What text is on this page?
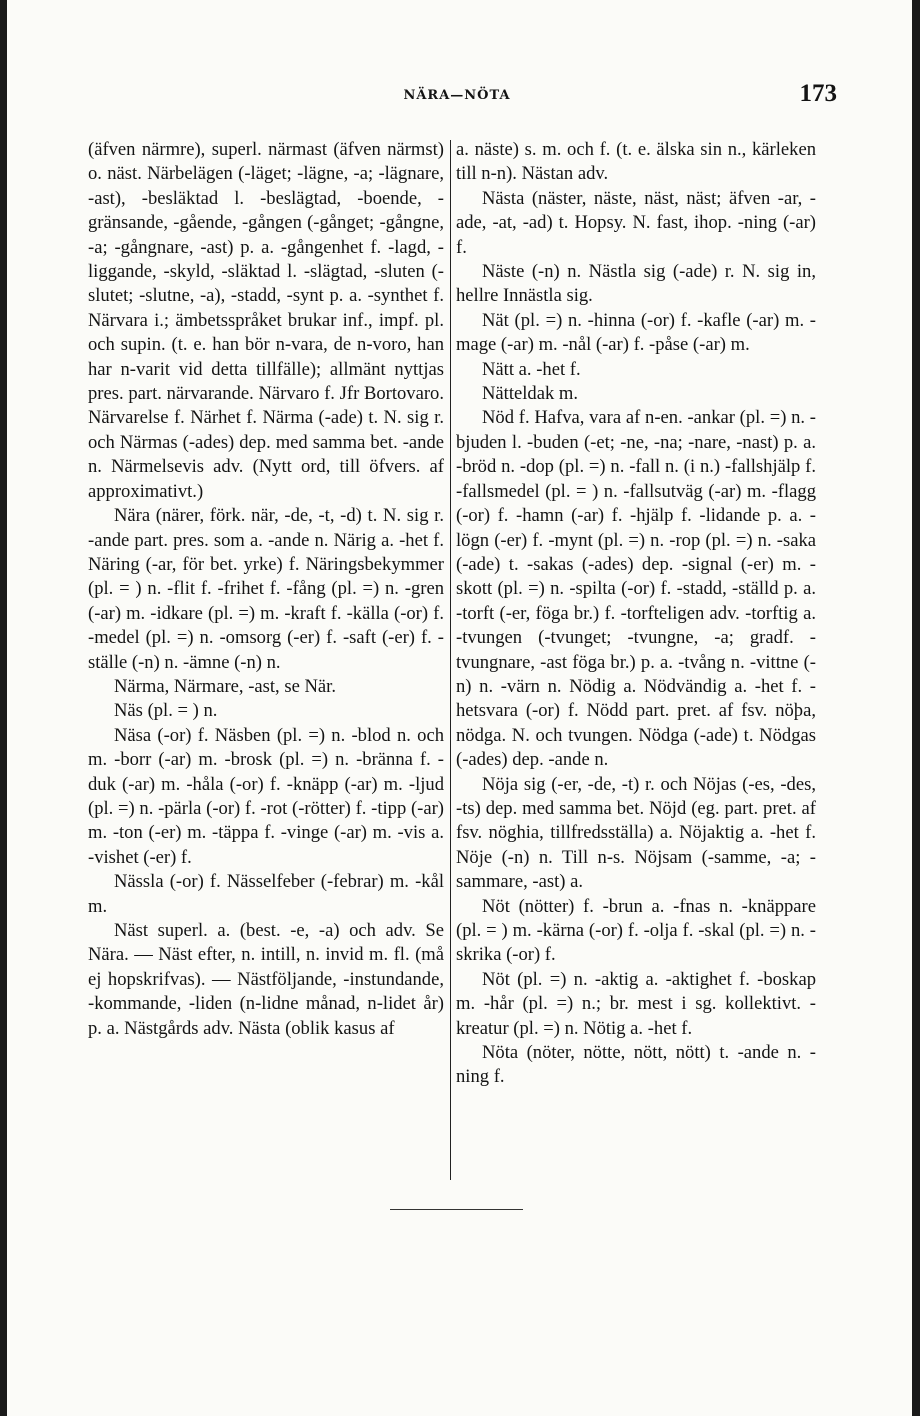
NÄRA—NÖTA	173

(äfven närmre), superl. närmast (äfven närmst) o. näst. Närbelägen (-läget; -lägne, -a; -lägnare, -ast), -besläktad l. -beslägtad, -boende, -gränsande, -gående, -gången (-gånget; -gångne, -a; -gångnare, -ast) p. a. -gångenhet f. -lagd, -liggande, -skyld, -släktad l. -slägtad, -sluten (-slutet; -slutne, -a), -stadd, -synt p. a. -synthet f. Närvara i.; ämbetsspråket brukar inf., impf. pl. och supin. (t. e. han bör n-vara, de n-voro, han har n-varit vid detta tillfälle); allmänt nyttjas pres. part. närvarande. Närvaro f. Jfr Bortovaro. Närvarelse f. Närhet f. Närma (-ade) t. N. sig r. och Närmas (-ades) dep. med samma bet. -ande n. Närmelsevis adv. (Nytt ord, till öfvers. af approximativt.)

Nära (närer, förk. när, -de, -t, -d) t. N. sig r. -ande part. pres. som a. -ande n. Närig a. -het f. Näring (-ar, för bet. yrke) f. Näringsbekymmer (pl. = ) n. -flit f. -frihet f. -fång (pl. =) n. -gren (-ar) m. -idkare (pl. =) m. -kraft f. -källa (-or) f. -medel (pl. =) n. -omsorg (-er) f. -saft (-er) f. -ställe (-n) n. -ämne (-n) n.

Närma, Närmare, -ast, se När.

Näs (pl. = ) n.

Näsa (-or) f. Näsben (pl. =) n. -blod n. och m. -borr (-ar) m. -brosk (pl. =) n. -bränna f. -duk (-ar) m. -håla (-or) f. -knäpp (-ar) m. -ljud (pl. =) n. -pärla (-or) f. -rot (-rötter) f. -tipp (-ar) m. -ton (-er) m. -täppa f. -vinge (-ar) m. -vis a. -vishet (-er) f.

Nässla (-or) f. Nässelfeber (-febrar) m. -kål m.

Näst superl. a. (best. -e, -a) och adv. Se Nära. — Näst efter, n. intill, n. invid m. fl. (må ej hopskrifvas). — Nästföljande, -instundande, -kommande, -liden (n-lidne månad, n-lidet år) p. a. Nästgårds adv. Nästa (oblik kasus af

a. näste) s. m. och f. (t. e. älska sin n., kärleken till n-n). Nästan adv.

Nästa (näster, näste, näst, näst; äfven -ar, -ade, -at, -ad) t. Hopsy. N. fast, ihop. -ning (-ar) f.

Näste (-n) n. Nästla sig (-ade) r. N. sig in, hellre Innästla sig.

Nät (pl. =) n. -hinna (-or) f. -kafle (-ar) m. -mage (-ar) m. -nål (-ar) f. -påse (-ar) m.

Nätt a. -het f.

Nätteldak m.

Nöd f. Hafva, vara af n-en. -ankar (pl. =) n. -bjuden l. -buden (-et; -ne, -na; -nare, -nast) p. a. -bröd n. -dop (pl. =) n. -fall n. (i n.) -fallshjälp f. -fallsmedel (pl. = ) n. -fallsutväg (-ar) m. -flagg (-or) f. -hamn (-ar) f. -hjälp f. -lidande p. a. -lögn (-er) f. -mynt (pl. =) n. -rop (pl. =) n. -saka (-ade) t. -sakas (-ades) dep. -signal (-er) m. -skott (pl. =) n. -spilta (-or) f. -stadd, -ställd p. a. -torft (-er, föga br.) f. -torfteligen adv. -torftig a. -tvungen (-tvunget; -tvungne, -a; gradf. -tvungnare, -ast föga br.) p. a. -tvång n. -vittne (-n) n. -värn n. Nödig a. Nödvändig a. -het f. -hetsvara (-or) f. Nödd part. pret. af fsv. nöþa, nödga. N. och tvungen. Nödga (-ade) t. Nödgas (-ades) dep. -ande n.

Nöja sig (-er, -de, -t) r. och Nöjas (-es, -des, -ts) dep. med samma bet. Nöjd (eg. part. pret. af fsv. nöghia, tillfredsställa) a. Nöjaktig a. -het f. Nöje (-n) n. Till n-s. Nöjsam (-samme, -a; -sammare, -ast) a.

Nöt (nötter) f. -brun a. -fnas n. -knäppare (pl. = ) m. -kärna (-or) f. -olja f. -skal (pl. =) n. -skrika (-or) f.

Nöt (pl. =) n. -aktig a. -aktighet f. -boskap m. -hår (pl. =) n.; br. mest i sg. kollektivt. -kreatur (pl. =) n. Nötig a. -het f.

Nöta (nöter, nötte, nött, nött) t. -ande n. -ning f.
